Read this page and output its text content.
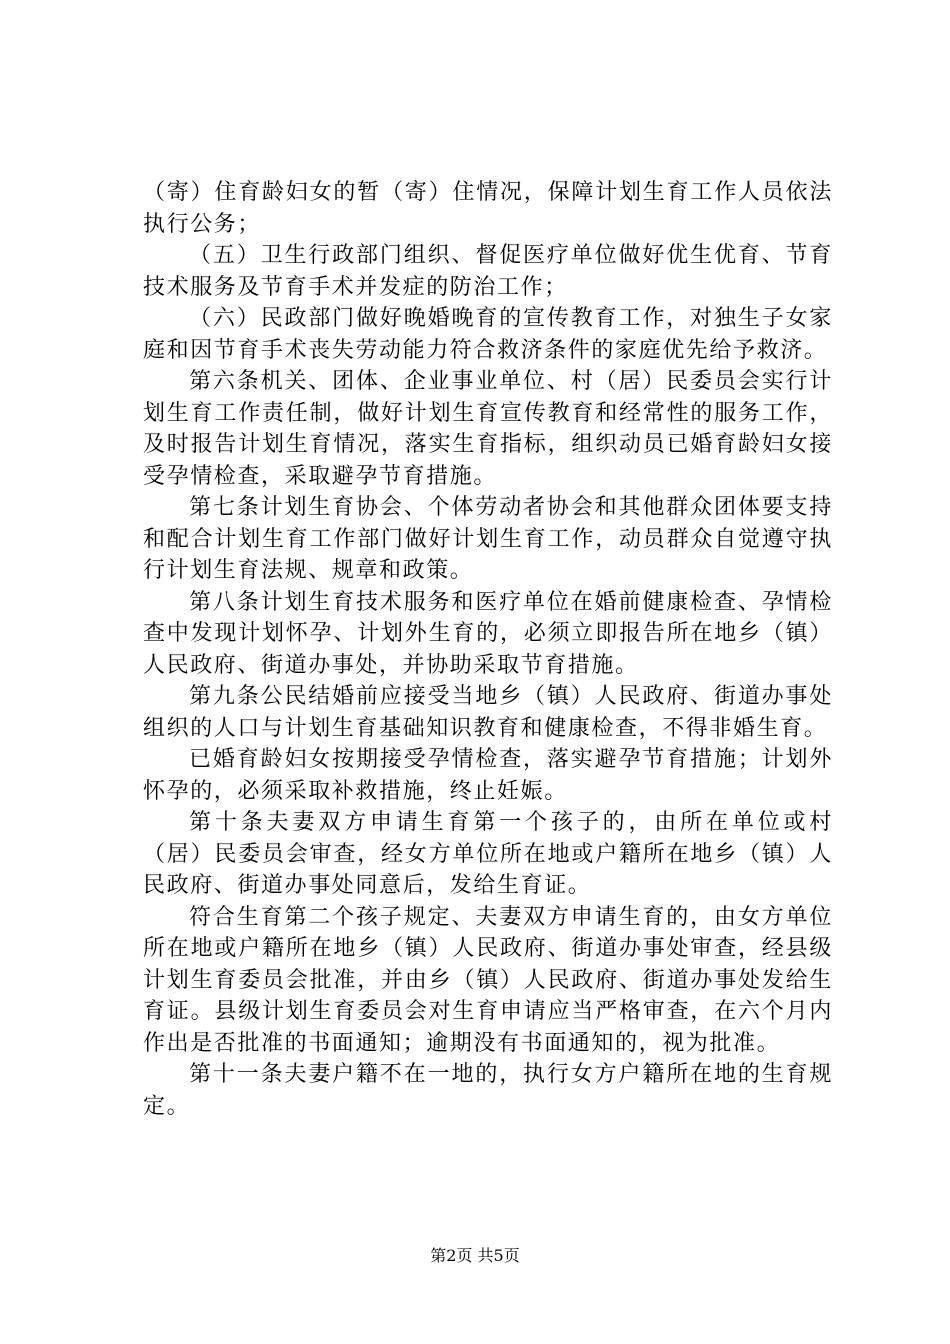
（寄）住育龄妇女的暂（寄）住情况，保障计划生育工作人员依法执行公务；

（五）卫生行政部门组织、督促医疗单位做好优生优育、节育技术服务及节育手术并发症的防治工作；

（六）民政部门做好晚婚晚育的宣传教育工作，对独生子女家庭和因节育手术丧失劳动能力符合救济条件的家庭优先给予救济。

第六条机关、团体、企业事业单位、村（居）民委员会实行计划生育工作责任制，做好计划生育宣传教育和经常性的服务工作，及时报告计划生育情况，落实生育指标，组织动员已婚育龄妇女接受孕情检查，采取避孕节育措施。

第七条计划生育协会、个体劳动者协会和其他群众团体要支持和配合计划生育工作部门做好计划生育工作，动员群众自觉遵守执行计划生育法规、规章和政策。

第八条计划生育技术服务和医疗单位在婚前健康检查、孕情检查中发现计划怀孕、计划外生育的，必须立即报告所在地乡（镇）人民政府、街道办事处，并协助采取节育措施。

第九条公民结婚前应接受当地乡（镇）人民政府、街道办事处组织的人口与计划生育基础知识教育和健康检查，不得非婚生育。

已婚育龄妇女按期接受孕情检查，落实避孕节育措施；计划外怀孕的，必须采取补救措施，终止妊娠。

第十条夫妻双方申请生育第一个孩子的，由所在单位或村（居）民委员会审查，经女方单位所在地或户籍所在地乡（镇）人民政府、街道办事处同意后，发给生育证。

符合生育第二个孩子规定、夫妻双方申请生育的，由女方单位所在地或户籍所在地乡（镇）人民政府、街道办事处审查，经县级计划生育委员会批准，并由乡（镇）人民政府、街道办事处发给生育证。县级计划生育委员会对生育申请应当严格审查，在六个月内作出是否批准的书面通知；逾期没有书面通知的，视为批准。

第十一条夫妻户籍不在一地的，执行女方户籍所在地的生育规定。

第2页 共5页
